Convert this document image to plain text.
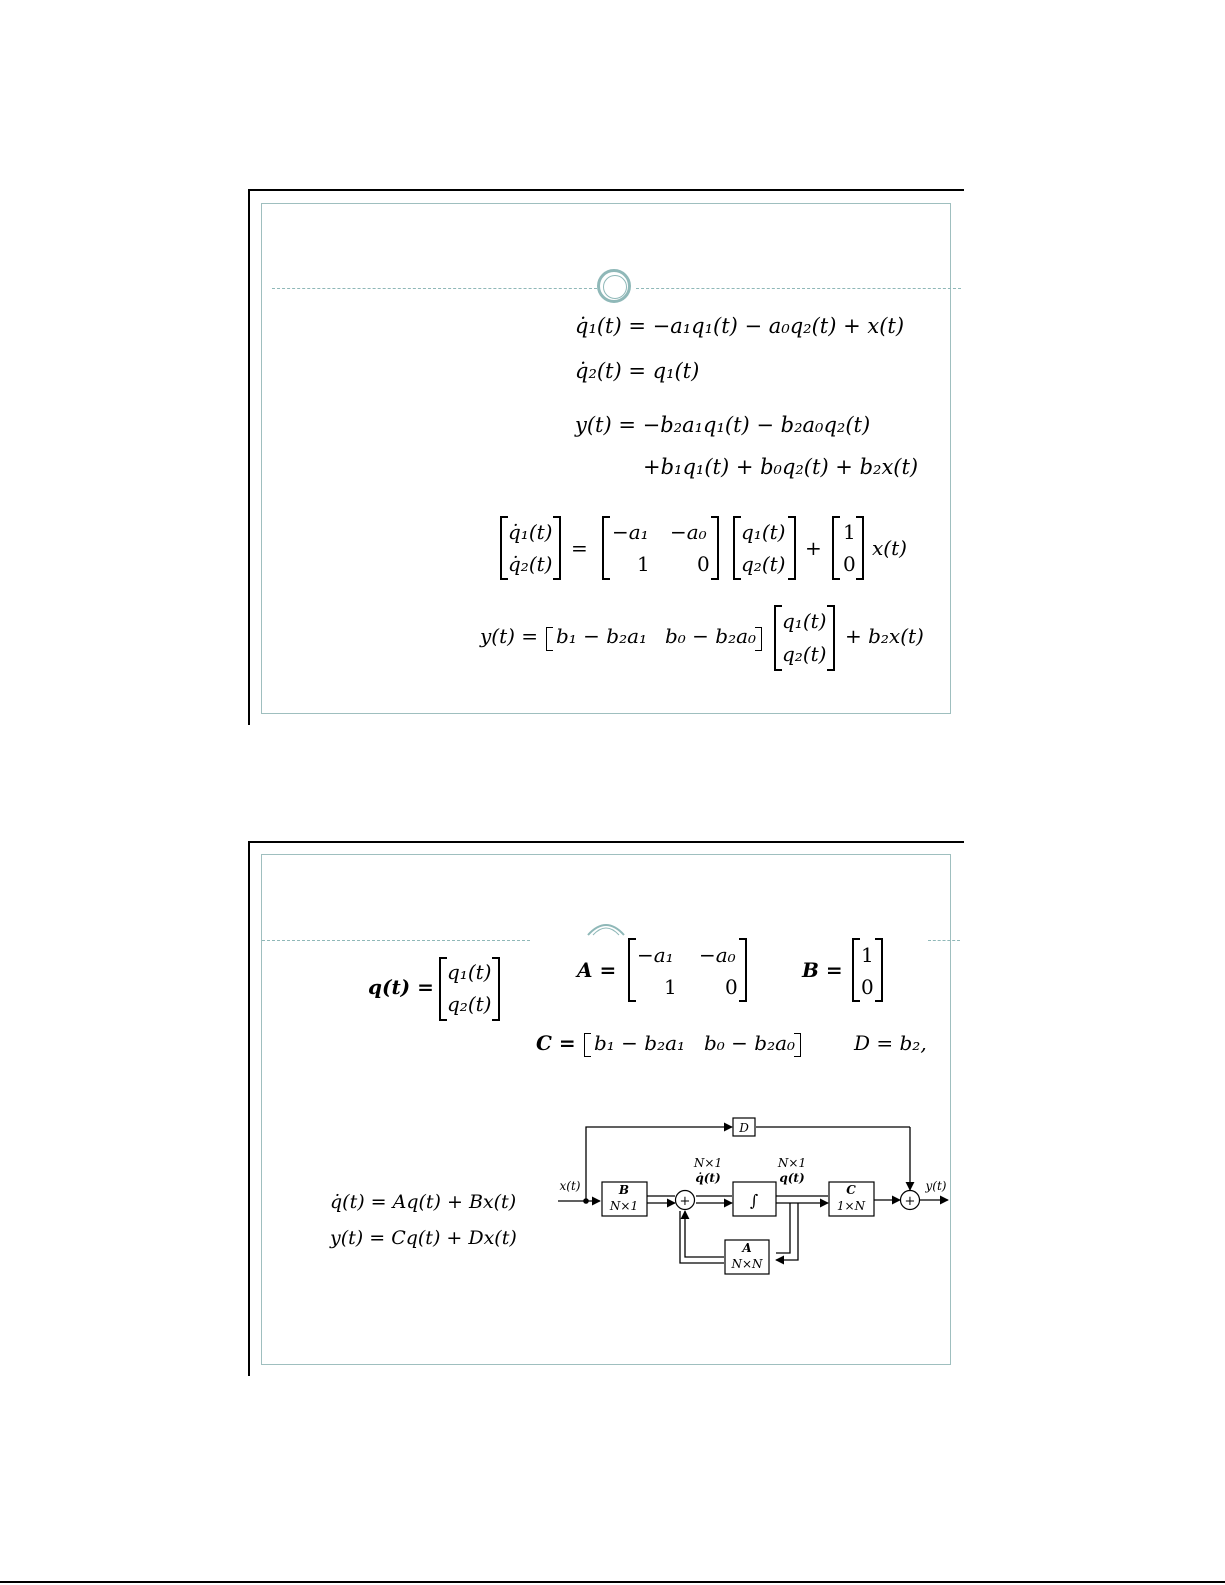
q̇₁(t) = −a₁q₁(t) − a₀q₂(t) + x(t)
q̇₂(t) = q₁(t)
y(t) = −b₂a₁q₁(t) − b₂a₀q₂(t)
+b₁q₁(t) + b₀q₂(t) + b₂x(t)
q̇₁(t)
q̇₂(t)
=
−a₁ −a₀
1 0
q₁(t)
q₂(t)
+
1
0
x(t)
y(t) = b₁ − b₂a₁ b₀ − b₂a₀
q₁(t)
q₂(t)
+ b₂x(t)
q(t) =
q₁(t)
q₂(t)
A =
−a₁ −a₀
1 0
B =
1
0
C = b₁ − b₂a₁ b₀ − b₂a₀	D = b₂,
q̇(t) = Aq(t) + Bx(t)
y(t) = Cq(t) + Dx(t)
D
x(t)	y(t)
B
N×1	∫
C
1×N
A
N×N
N×1
q̇(t)
N×1
q(t)
+	+
